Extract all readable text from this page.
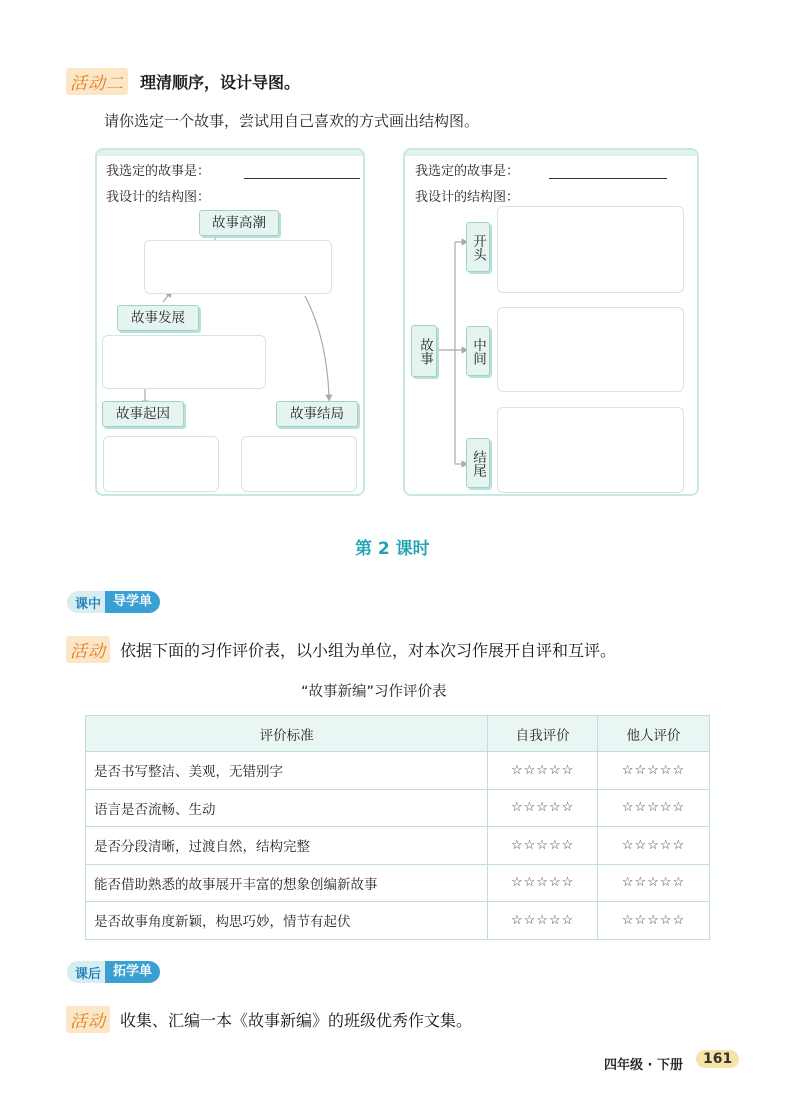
活动二 理清顺序，设计导图。
请你选定一个故事，尝试用自己喜欢的方式画出结构图。
我选定的故事是：
我设计的结构图：
故事高潮
故事发展
故事起因	故事结局
我选定的故事是：
我设计的结构图：
故事
开头
中间
结尾
第 2 课时
课中 导学单
活动 依据下面的习作评价表，以小组为单位，对本次习作展开自评和互评。
“故事新编”习作评价表
评价标准	自我评价	他人评价
是否书写整洁、美观，无错别字	☆☆☆☆☆	☆☆☆☆☆
语言是否流畅、生动	☆☆☆☆☆	☆☆☆☆☆
是否分段清晰，过渡自然，结构完整	☆☆☆☆☆	☆☆☆☆☆
能否借助熟悉的故事展开丰富的想象创编新故事	☆☆☆☆☆	☆☆☆☆☆
是否故事角度新颖，构思巧妙，情节有起伏	☆☆☆☆☆	☆☆☆☆☆
课后 拓学单
活动 收集、汇编一本《故事新编》的班级优秀作文集。
四年级 · 下册	161
